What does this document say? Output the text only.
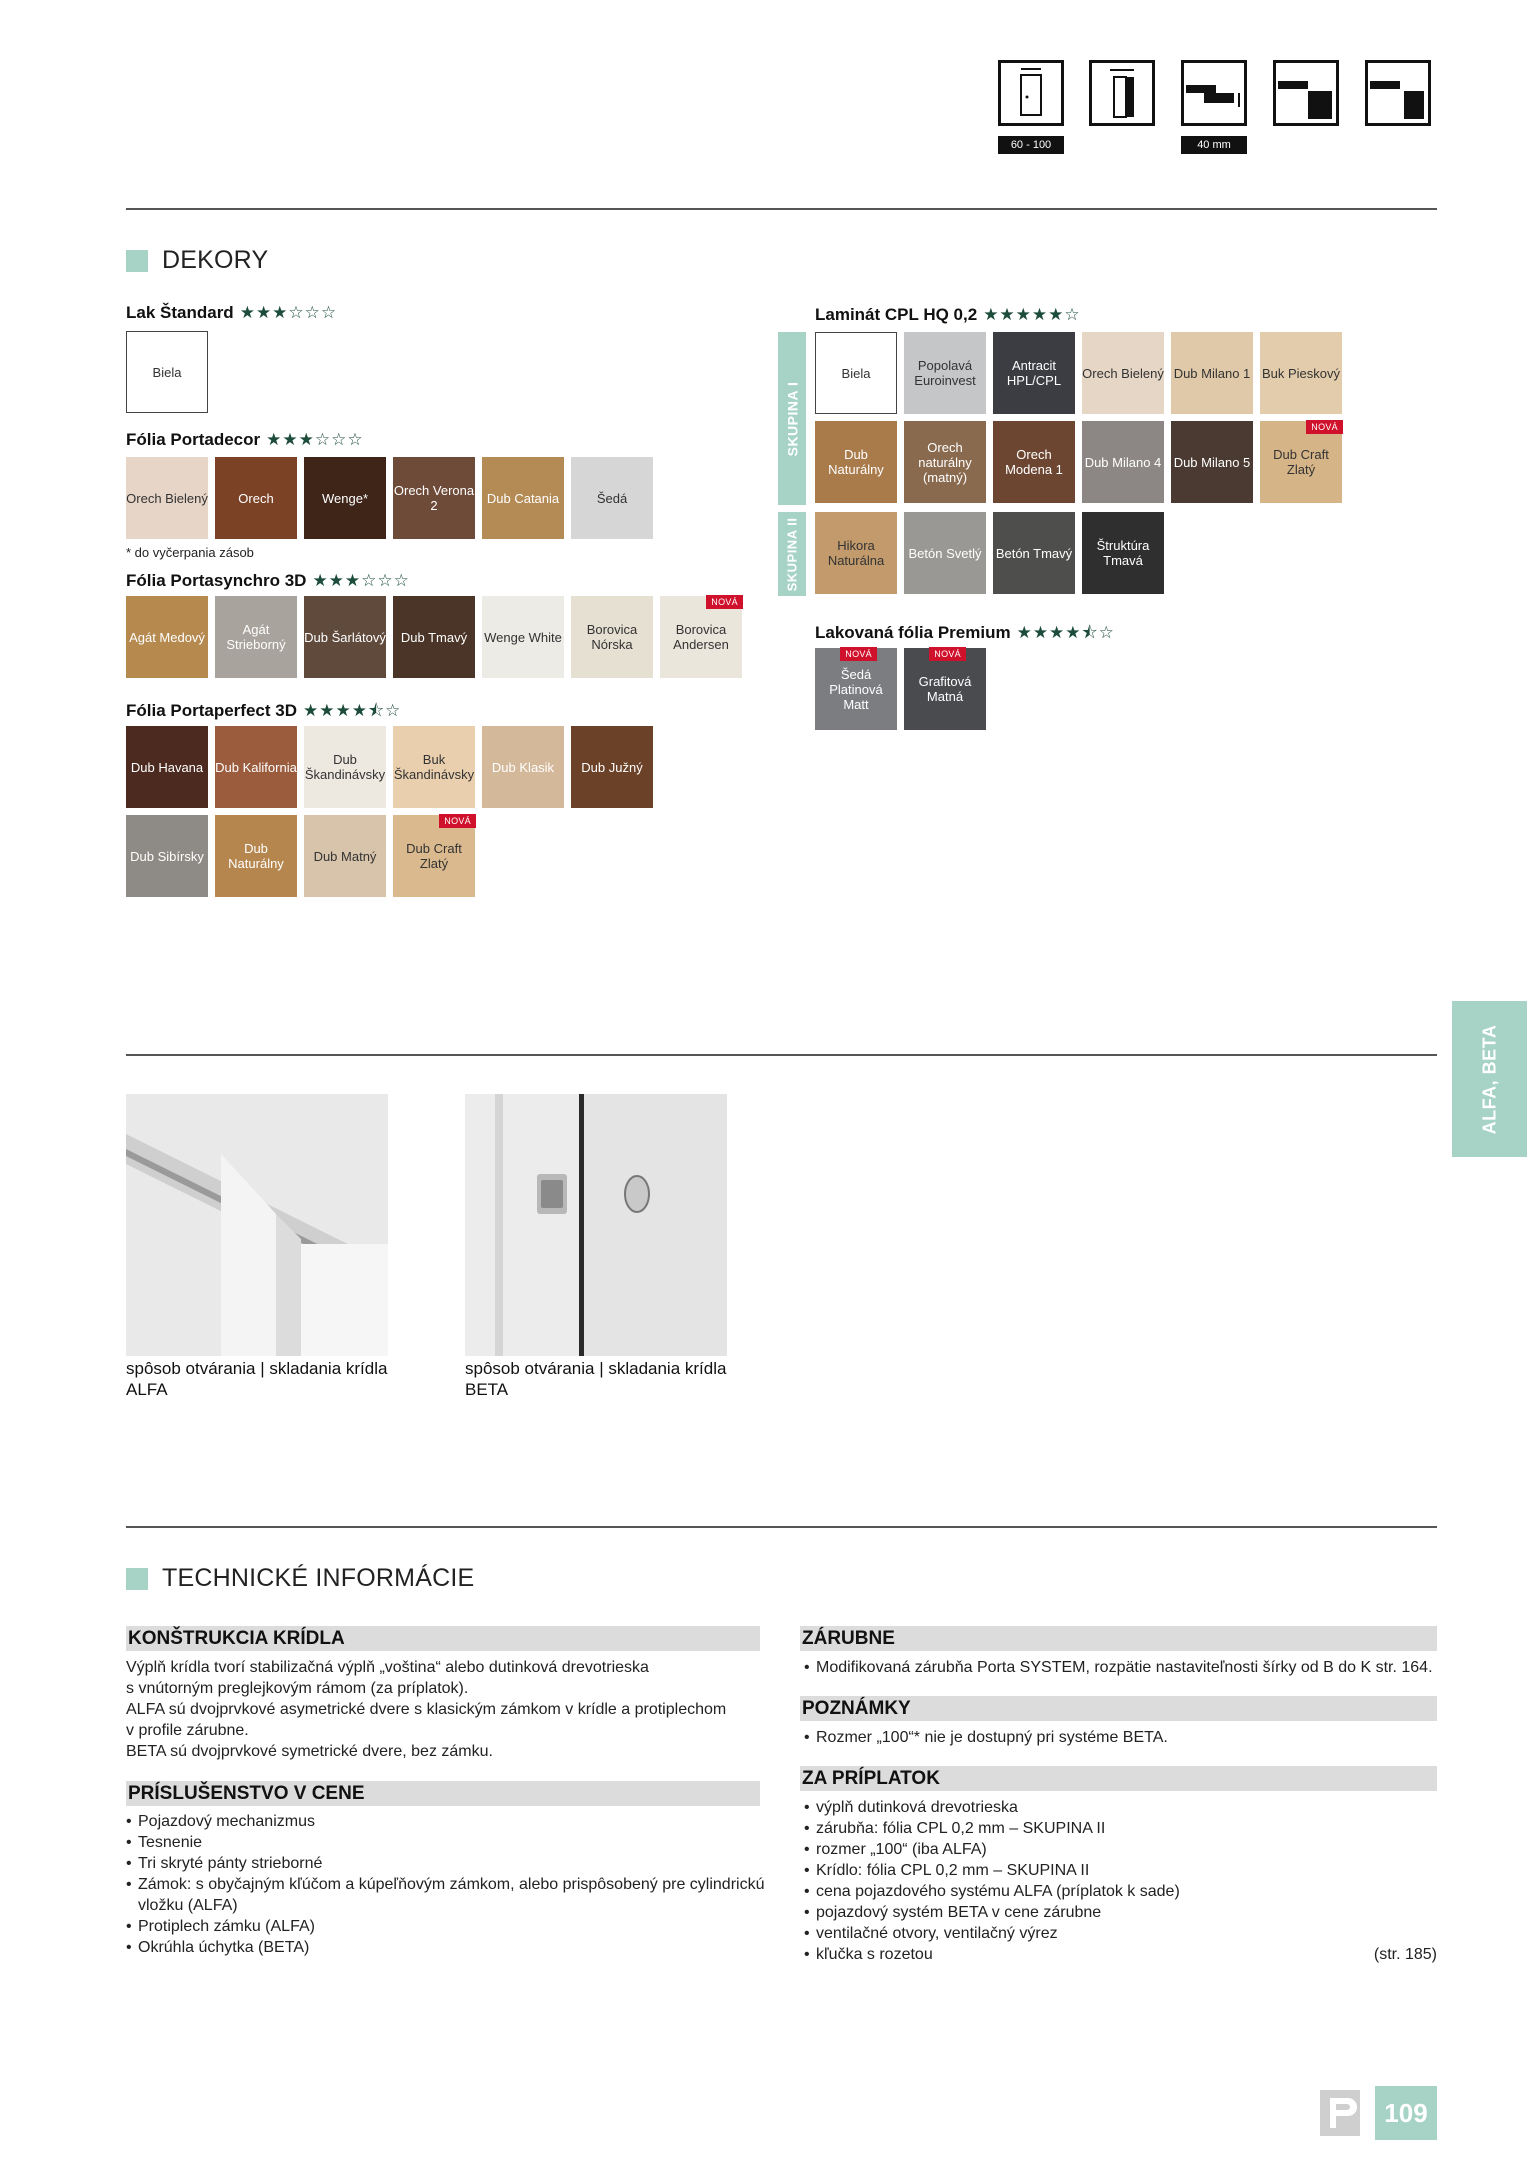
60 - 100	40 mm
DEKORY
Lak Štandard ★★★☆☆☆
Biela
Fólia Portadecor ★★★☆☆☆
Orech Bielený Orech	Wenge* Orech Verona 2	Dub Catania	Šedá
* do vyčerpania zásob
Fólia Portasynchro 3D ★★★☆☆☆
Agát Medový	Agát Strieborný	Dub Šarlátový Dub Tmavý Wenge White	Borovica Nórska
Borovica Andersen
NOVÁ
Fólia Portaperfect 3D ★★★★⯪☆
Dub Havana Dub Kalifornia	Dub Škandinávsky
Buk Škandinávsky Dub Klasik Dub Južný
Dub Sibírsky	Dub Naturálny	Dub Matný	Dub Craft Zlatý
NOVÁ
Laminát CPL HQ 0,2 ★★★★★☆
SKUPINA I
SKUPINA II
Biela	Popolavá Euroinvest
Antracit HPL/CPL	Orech Bielený Dub Milano 1 Buk Pieskový
Dub Naturálny
Orech naturálny (matný)
Orech Modena 1	Dub Milano 4 Dub Milano 5	Dub Craft Zlatý
NOVÁ
Hikora Naturálna	Betón Svetlý Betón Tmavý	Štruktúra Tmavá
Lakovaná fólia Premium ★★★★⯪☆
Šedá Platinová Matt
NOVÁ
Grafitová Matná
NOVÁ
ALFA, BETA
spôsob otvárania | skladania krídla ALFA
spôsob otvárania | skladania krídla BETA
TECHNICKÉ INFORMÁCIE
KONŠTRUKCIA KRÍDLA
Výplň krídla tvorí stabilizačná výplň „voština“ alebo dutinková drevotrieska
s vnútorným preglejkovým rámom (za príplatok).
ALFA sú dvojprvkové asymetrické dvere s klasickým zámkom v krídle a protiplechom
v profile zárubne.
BETA sú dvojprvkové symetrické dvere, bez zámku.
PRÍSLUŠENSTVO V CENE
• Pojazdový mechanizmus
• Tesnenie
• Tri skryté pánty strieborné
• Zámok: s obyčajným kľúčom a kúpeľňovým zámkom, alebo prispôsobený pre cylindrickú
vložku (ALFA)
• Protiplech zámku (ALFA)
• Okrúhla úchytka (BETA)
ZÁRUBNE
• Modifikovaná zárubňa Porta SYSTEM, rozpätie nastaviteľnosti šírky od B do K str. 164.
POZNÁMKY
• Rozmer „100“* nie je dostupný pri systéme BETA.
ZA PRÍPLATOK
• výplň dutinková drevotrieska
• zárubňa: fólia CPL 0,2 mm – SKUPINA II
• rozmer „100“ (iba ALFA)
• Krídlo: fólia CPL 0,2 mm – SKUPINA II
• cena pojazdového systému ALFA (príplatok k sade)
• pojazdový systém BETA v cene zárubne
• ventilačné otvory, ventilačný výrez
• kľučka s rozetou	(str. 185)
109
